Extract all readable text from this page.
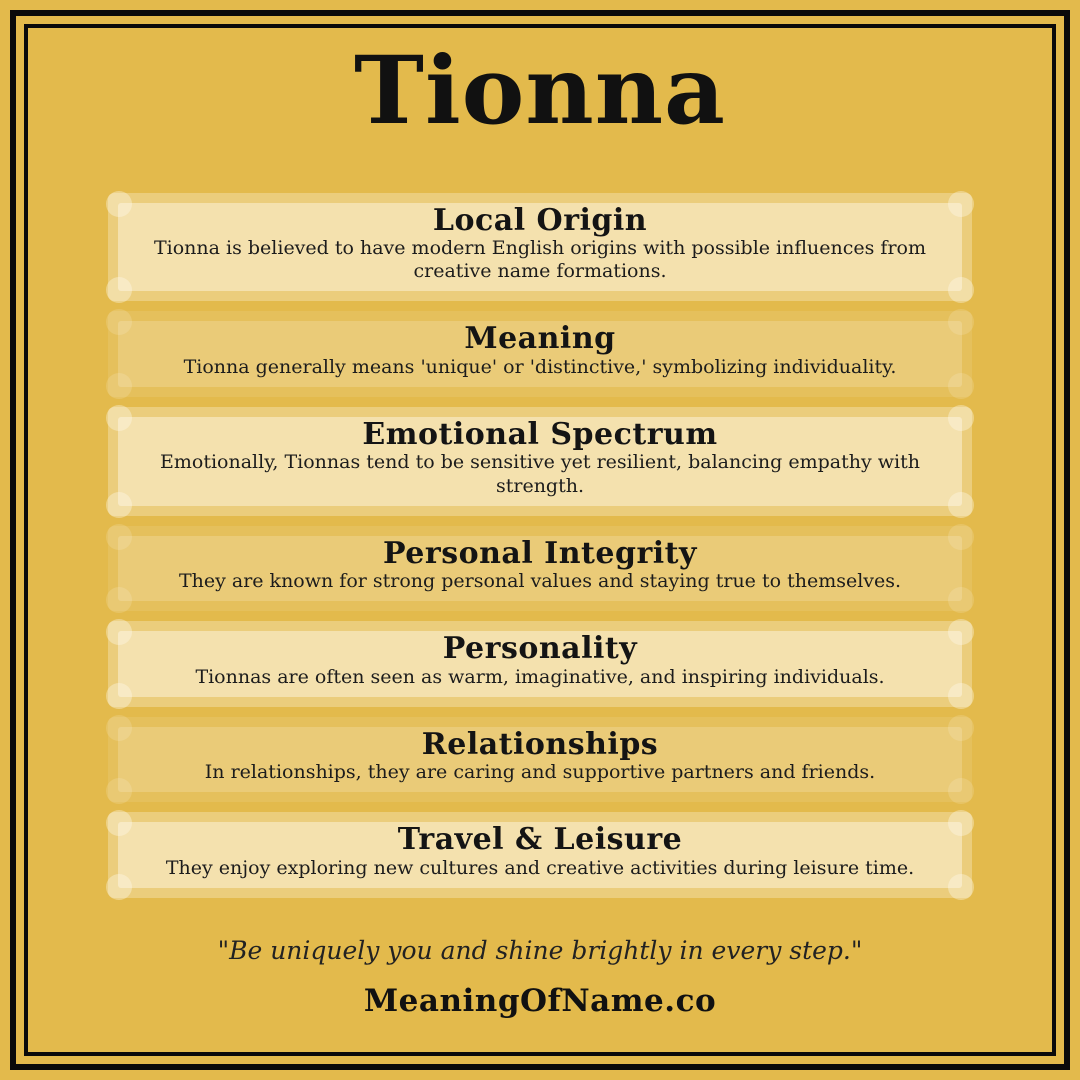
Tionna
Local Origin

Tionna is believed to have modern English origins with possible influences from creative name formations.

Meaning

Tionna generally means 'unique' or 'distinctive,' symbolizing individuality.

Emotional Spectrum

Emotionally, Tionnas tend to be sensitive yet resilient, balancing empathy with strength.

Personal Integrity

They are known for strong personal values and staying true to themselves.

Personality

Tionnas are often seen as warm, imaginative, and inspiring individuals.

Relationships

In relationships, they are caring and supportive partners and friends.

Travel & Leisure

They enjoy exploring new cultures and creative activities during leisure time.

"Be uniquely you and shine brightly in every step."
MeaningOfName.co
